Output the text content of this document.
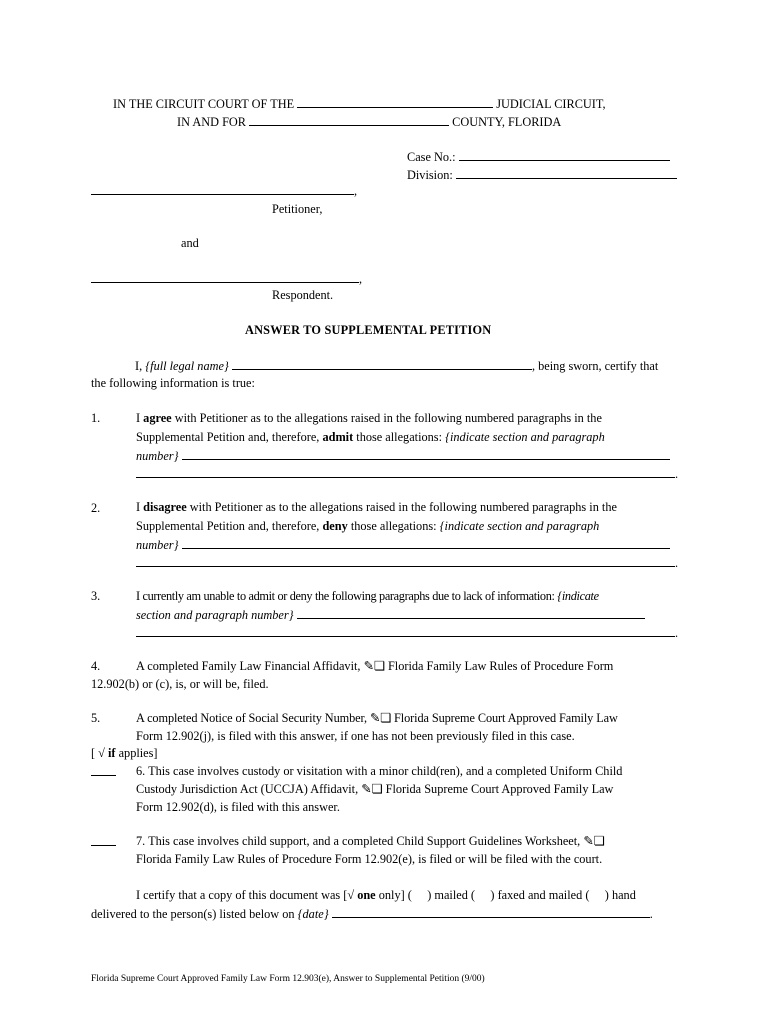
IN THE CIRCUIT COURT OF THE	JUDICIAL CIRCUIT,
IN AND FOR	COUNTY, FLORIDA
Case No.:
Division:
,
Petitioner,
and
,
Respondent.
ANSWER TO SUPPLEMENTAL PETITION
I, {full legal name}	, being sworn, certify that
the following information is true:
1.	I agree with Petitioner as to the allegations raised in the following numbered paragraphs in the
Supplemental Petition and, therefore, admit those allegations: {indicate section and paragraph
number}
.
2.	I disagree with Petitioner as to the allegations raised in the following numbered paragraphs in the
Supplemental Petition and, therefore, deny those allegations: {indicate section and paragraph
number}
.
3.	I currently am unable to admit or deny the following paragraphs due to lack of information: {indicate
section and paragraph number}
.
4.	A completed Family Law Financial Affidavit, ✎❏ Florida Family Law Rules of Procedure Form
12.902(b) or (c), is, or will be, filed.
5.	A completed Notice of Social Security Number, ✎❏ Florida Supreme Court Approved Family Law
Form 12.902(j), is filed with this answer, if one has not been previously filed in this case.
[ √ if applies]
6. This case involves custody or visitation with a minor child(ren), and a completed Uniform Child
Custody Jurisdiction Act (UCCJA) Affidavit, ✎❏ Florida Supreme Court Approved Family Law
Form 12.902(d), is filed with this answer.
7. This case involves child support, and a completed Child Support Guidelines Worksheet, ✎❏
Florida Family Law Rules of Procedure Form 12.902(e), is filed or will be filed with the court.
I certify that a copy of this document was [√ one only] (     ) mailed (     ) faxed and mailed (     ) hand
delivered to the person(s) listed below on {date}	.
Florida Supreme Court Approved Family Law Form 12.903(e), Answer to Supplemental Petition (9/00)
